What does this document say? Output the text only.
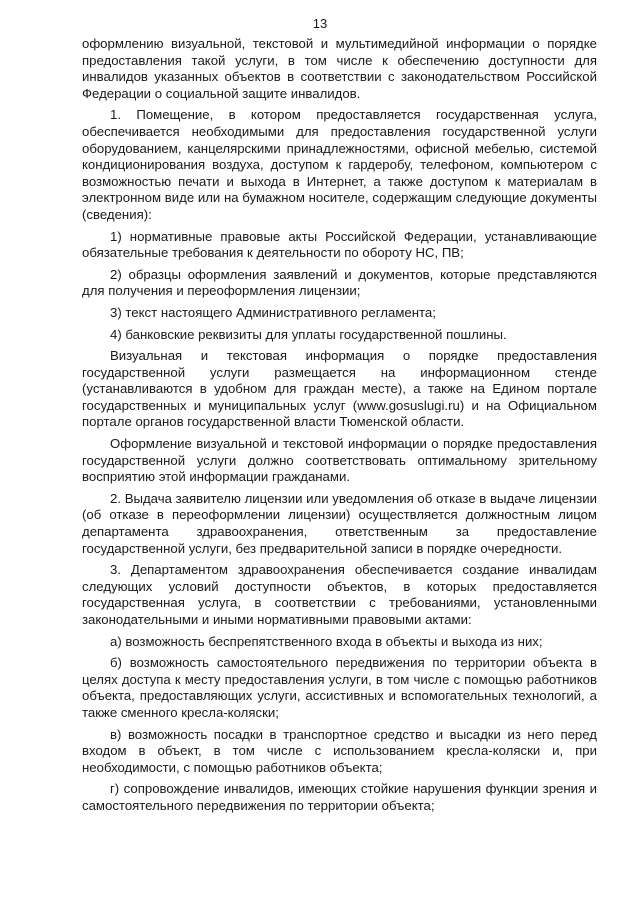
13

оформлению визуальной, текстовой и мультимедийной информации о порядке предоставления такой услуги, в том числе к обеспечению доступности для инвалидов указанных объектов в соответствии с законодательством Российской Федерации о социальной защите инвалидов.

1. Помещение, в котором предоставляется государственная услуга, обеспечивается необходимыми для предоставления государственной услуги оборудованием, канцелярскими принадлежностями, офисной мебелью, системой кондиционирования воздуха, доступом к гардеробу, телефоном, компьютером с возможностью печати и выхода в Интернет, а также доступом к материалам в электронном виде или на бумажном носителе, содержащим следующие документы (сведения):

1) нормативные правовые акты Российской Федерации, устанавливающие обязательные требования к деятельности по обороту НС, ПВ;

2) образцы оформления заявлений и документов, которые представляются для получения и переоформления лицензии;

3) текст настоящего Административного регламента;

4) банковские реквизиты для уплаты государственной пошлины.

Визуальная и текстовая информация о порядке предоставления государственной услуги размещается на информационном стенде (устанавливаются в удобном для граждан месте), а также на Едином портале государственных и муниципальных услуг (www.gosuslugi.ru) и на Официальном портале органов государственной власти Тюменской области.

Оформление визуальной и текстовой информации о порядке предоставления государственной услуги должно соответствовать оптимальному зрительному восприятию этой информации гражданами.

2. Выдача заявителю лицензии или уведомления об отказе в выдаче лицензии (об отказе в переоформлении лицензии) осуществляется должностным лицом департамента здравоохранения, ответственным за предоставление государственной услуги, без предварительной записи в порядке очередности.

3. Департаментом здравоохранения обеспечивается создание инвалидам следующих условий доступности объектов, в которых предоставляется государственная услуга, в соответствии с требованиями, установленными законодательными и иными нормативными правовыми актами:

а) возможность беспрепятственного входа в объекты и выхода из них;

б) возможность самостоятельного передвижения по территории объекта в целях доступа к месту предоставления услуги, в том числе с помощью работников объекта, предоставляющих услуги, ассистивных и вспомогательных технологий, а также сменного кресла-коляски;

в) возможность посадки в транспортное средство и высадки из него перед входом в объект, в том числе с использованием кресла-коляски и, при необходимости, с помощью работников объекта;

г) сопровождение инвалидов, имеющих стойкие нарушения функции зрения и самостоятельного передвижения по территории объекта;
